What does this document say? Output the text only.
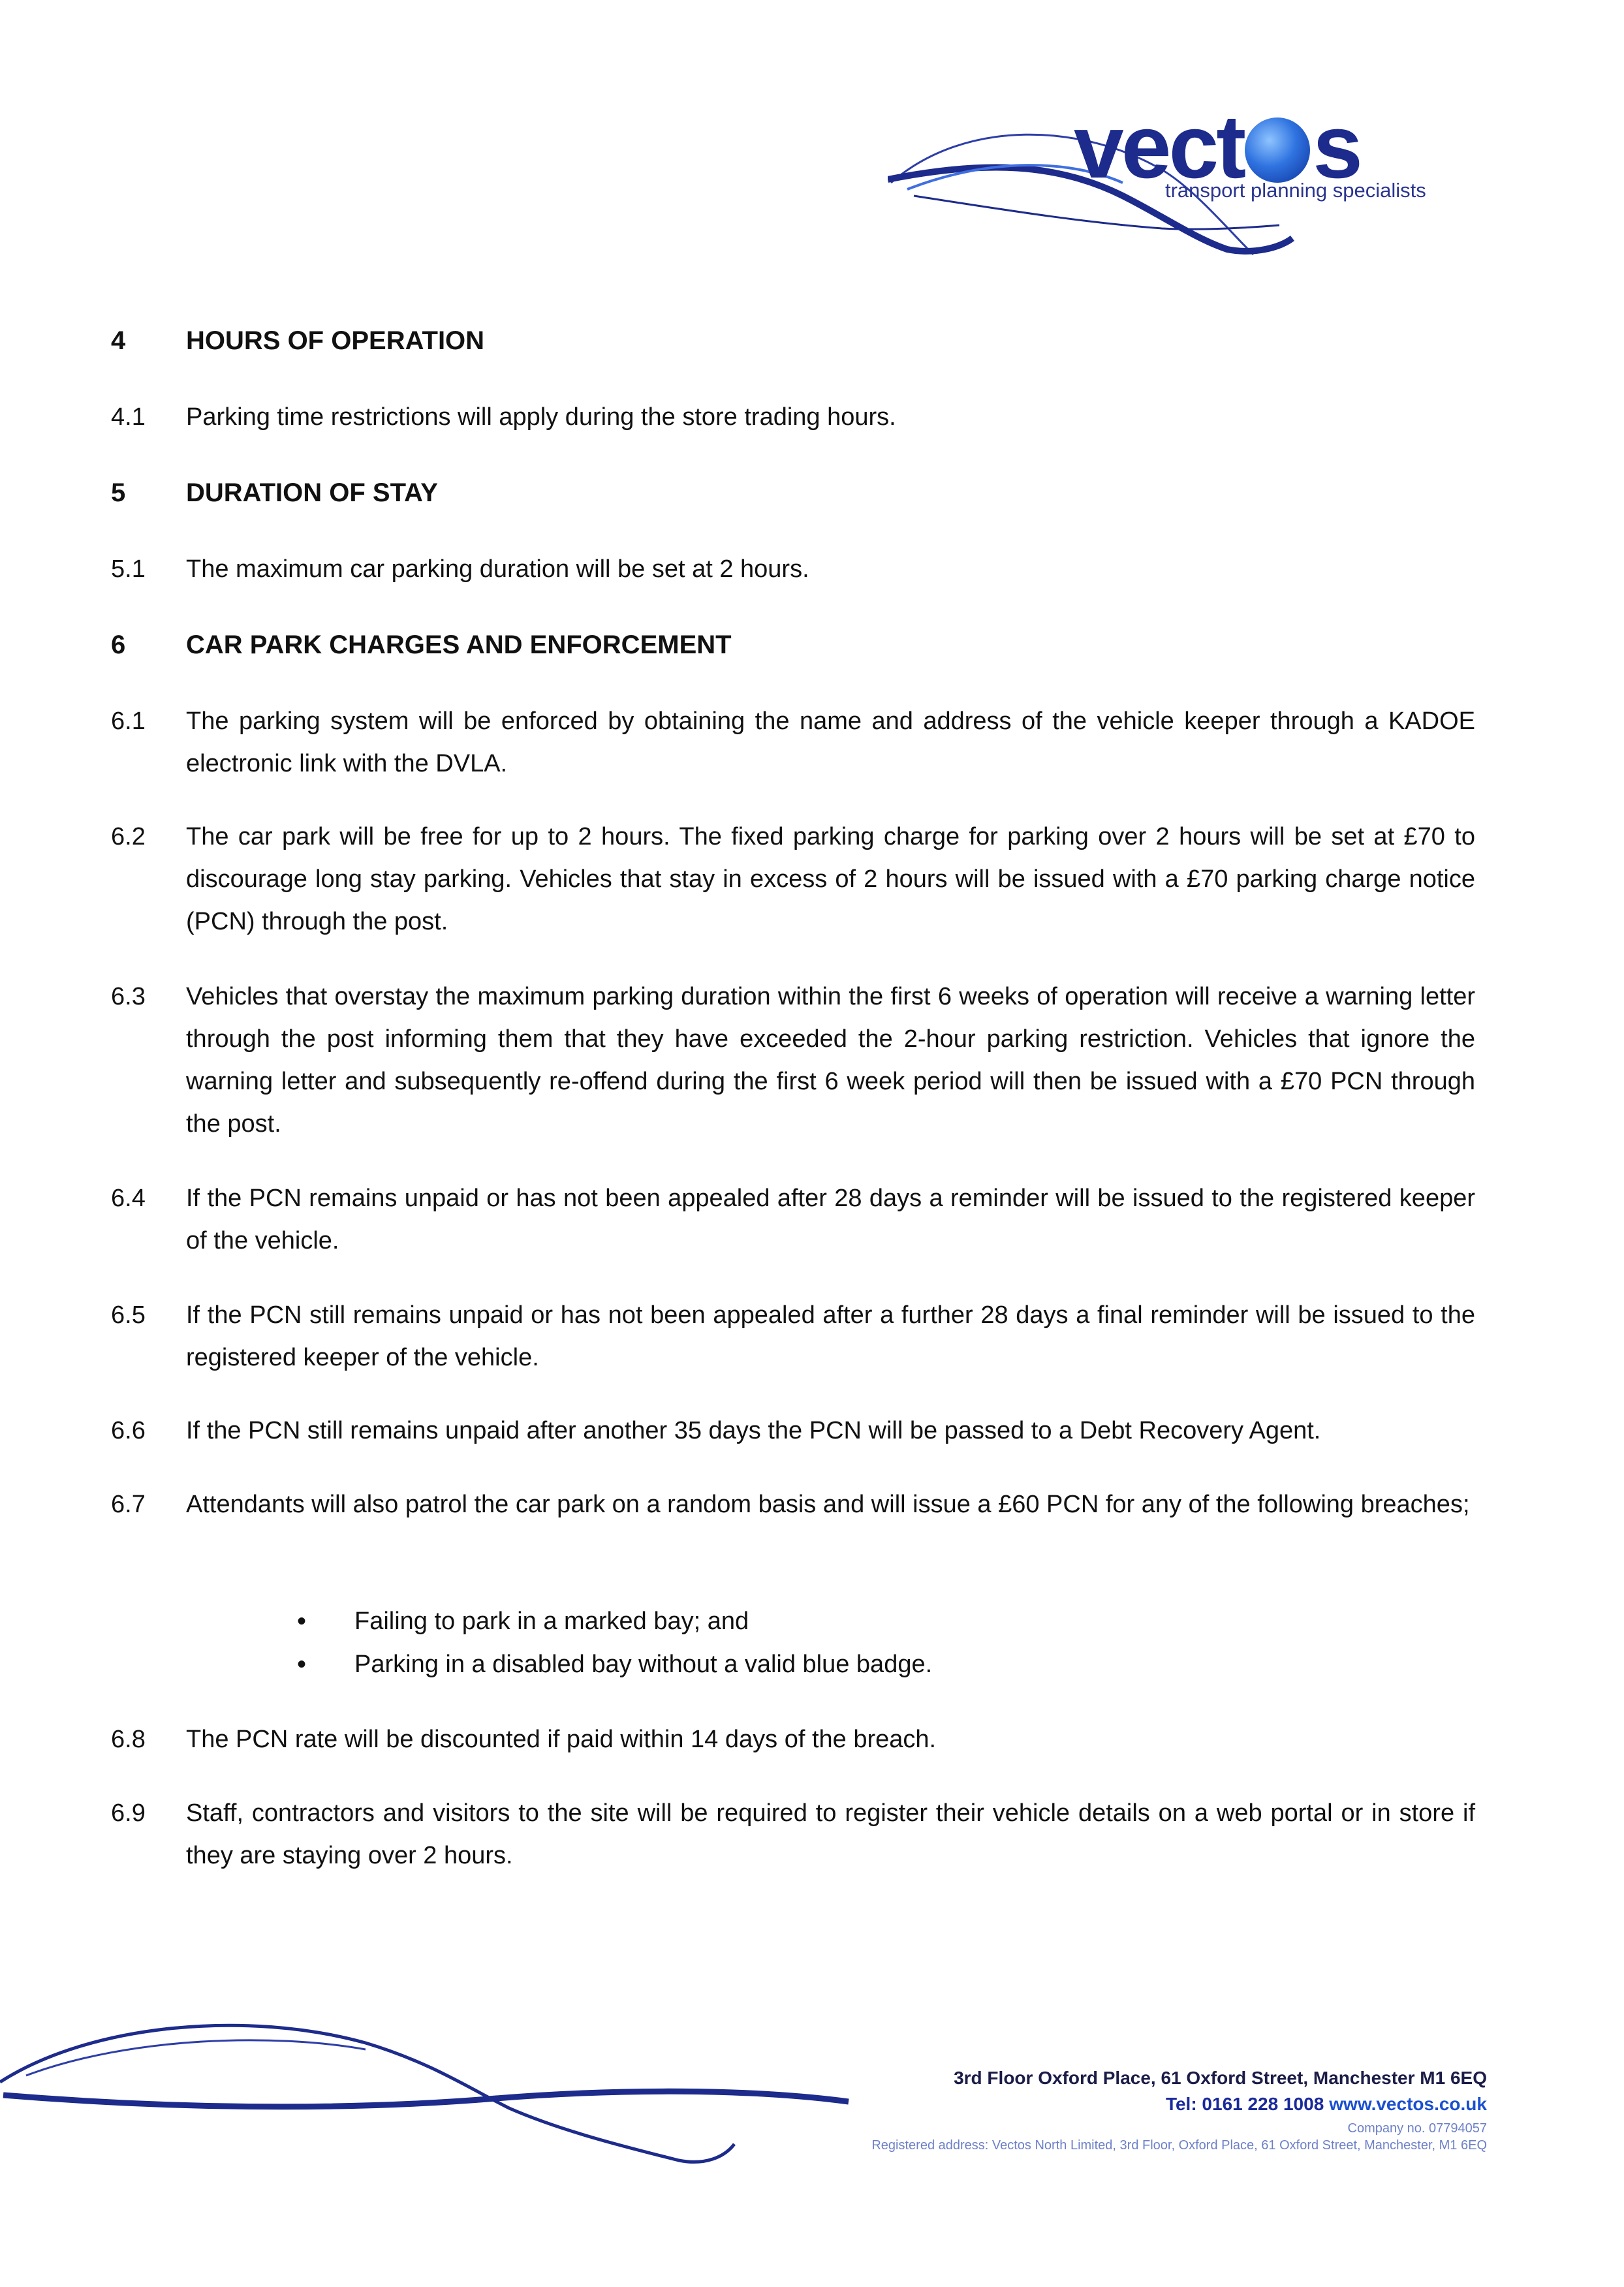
vect s
transport planning specialists
4	HOURS OF OPERATION
4.1	Parking time restrictions will apply during the store trading hours.
5	DURATION OF STAY
5.1	The maximum car parking duration will be set at 2 hours.
6	CAR PARK CHARGES AND ENFORCEMENT
6.1	The parking system will be enforced by obtaining the name and address of the vehicle keeper through a KADOE electronic link with the DVLA.
6.2	The car park will be free for up to 2 hours. The fixed parking charge for parking over 2 hours will be set at £70 to discourage long stay parking. Vehicles that stay in excess of 2 hours will be issued with a £70 parking charge notice (PCN) through the post.
6.3	Vehicles that overstay the maximum parking duration within the first 6 weeks of operation will receive a warning letter through the post informing them that they have exceeded the 2-hour parking restriction. Vehicles that ignore the warning letter and subsequently re-offend during the first 6 week period will then be issued with a £70 PCN through the post.
6.4	If the PCN remains unpaid or has not been appealed after 28 days a reminder will be issued to the registered keeper of the vehicle.
6.5	If the PCN still remains unpaid or has not been appealed after a further 28 days a final reminder will be issued to the registered keeper of the vehicle.
6.6	If the PCN still remains unpaid after another 35 days the PCN will be passed to a Debt Recovery Agent.
6.7	Attendants will also patrol the car park on a random basis and will issue a £60 PCN for any of the following breaches;
•	Failing to park in a marked bay; and
•	Parking in a disabled bay without a valid blue badge.
6.8	The PCN rate will be discounted if paid within 14 days of the breach.
6.9	Staff, contractors and visitors to the site will be required to register their vehicle details on a web portal or in store if they are staying over 2 hours.
3rd Floor Oxford Place, 61 Oxford Street, Manchester M1 6EQ
Tel: 0161 228 1008 www.vectos.co.uk
Company no. 07794057
Registered address: Vectos North Limited, 3rd Floor, Oxford Place, 61 Oxford Street, Manchester, M1 6EQ
